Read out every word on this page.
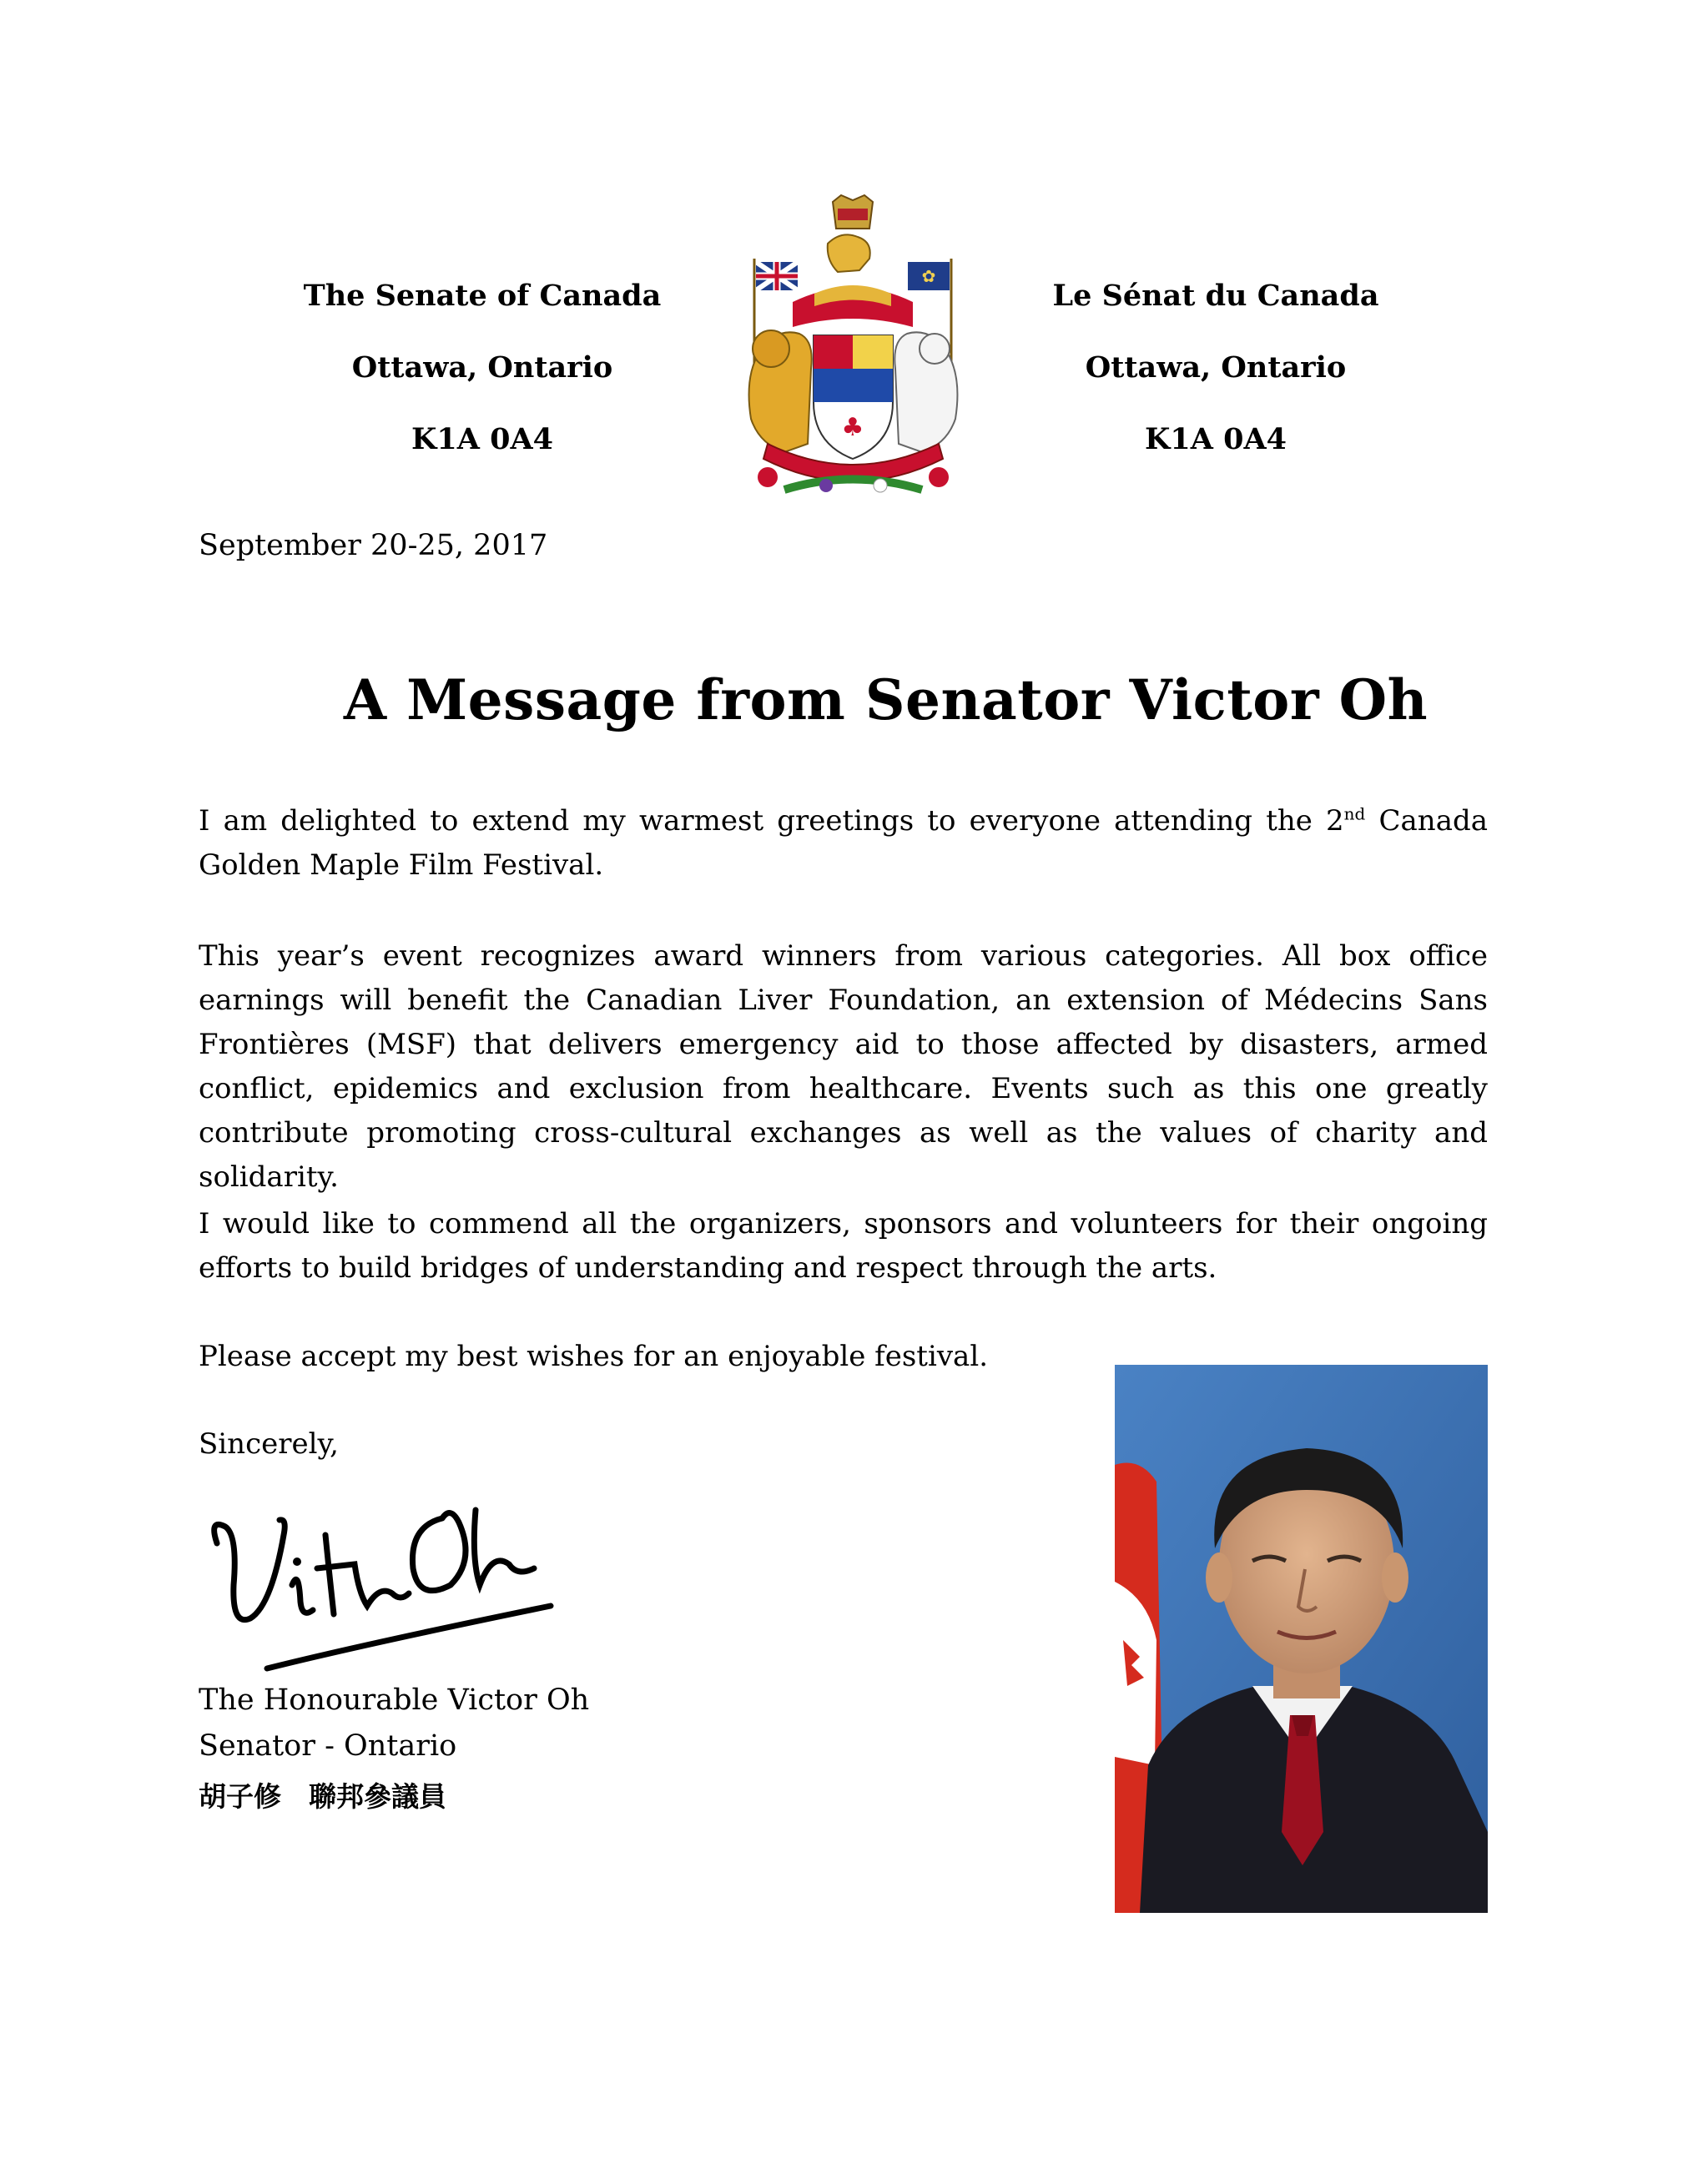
The Senate of Canada
Ottawa, Ontario
K1A 0A4
✿
♣
Le Sénat du Canada
Ottawa, Ontario
K1A 0A4
September 20-25, 2017
A Message from Senator Victor Oh
I am delighted to extend my warmest greetings to everyone attending the 2nd Canada Golden Maple Film Festival.
This year’s event recognizes award winners from various categories. All box office earnings will benefit the Canadian Liver Foundation, an extension of Médecins Sans Frontières (MSF) that delivers emergency aid to those affected by disasters, armed conflict, epidemics and exclusion from healthcare. Events such as this one greatly contribute promoting cross-cultural exchanges as well as the values of charity and solidarity.
I would like to commend all the organizers, sponsors and volunteers for their ongoing efforts to build bridges of understanding and respect through the arts.
Please accept my best wishes for an enjoyable festival.
Sincerely,
The Honourable Victor Oh
Senator - Ontario
胡子修　聯邦參議員
